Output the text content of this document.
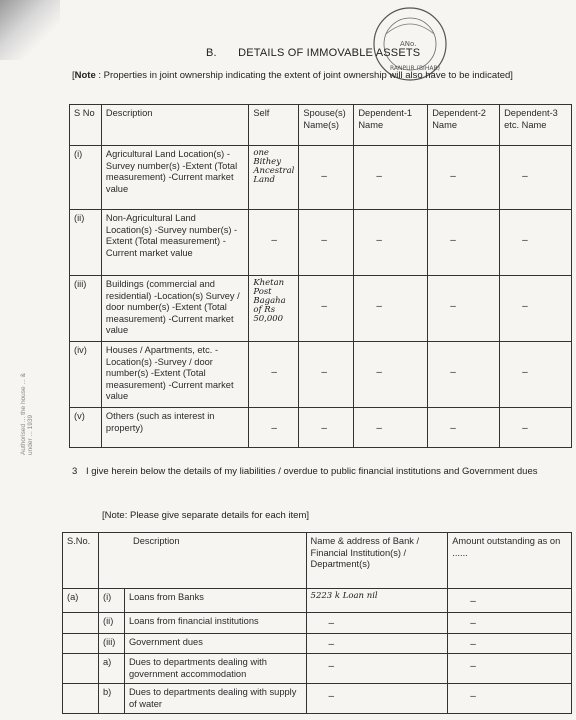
ANo.
RANPUR (BIHAR)
B. DETAILS OF IMMOVABLE ASSETS
[Note : Properties in joint ownership indicating the extent of joint ownership will also have to be indicated]
S No	Description	Self	Spouse(s) Name(s)	Dependent-1 Name	Dependent-2 Name	Dependent-3 etc. Name
(i)	Agricultural Land Location(s) -Survey number(s) -Extent (Total measurement) -Current market value	one Bithey Ancestral Land	–	–	–	–
(ii)	Non-Agricultural Land Location(s) -Survey number(s) -Extent (Total measurement) -Current market value	–	–	–	–	–
(iii)	Buildings (commercial and residential) -Location(s) Survey / door number(s) -Extent (Total measurement) -Current market value	Khetan Post Bagaha of Rs 50,000	–	–	–	–
(iv)	Houses / Apartments, etc. -Location(s) -Survey / door number(s) -Extent (Total measurement) -Current market value	–	–	–	–	–
(v)	Others (such as interest in property)	–	–	–	–	–
Authorised ... the house ... & under ... 1939
3 I give herein below the details of my liabilities / overdue to public financial institutions and Government dues
[Note: Please give separate details for each item]
S.No.	Description		Name & address of Bank / Financial Institution(s) / Department(s)	Amount outstanding as on ......
(a)	(i)	Loans from Banks	5223 k Loan nil	–
	(ii)	Loans from financial institutions	–	–
	(iii)	Government dues	–	–
	a)	Dues to departments dealing with government accommodation	–	–
	b)	Dues to departments dealing with supply of water	–	–
